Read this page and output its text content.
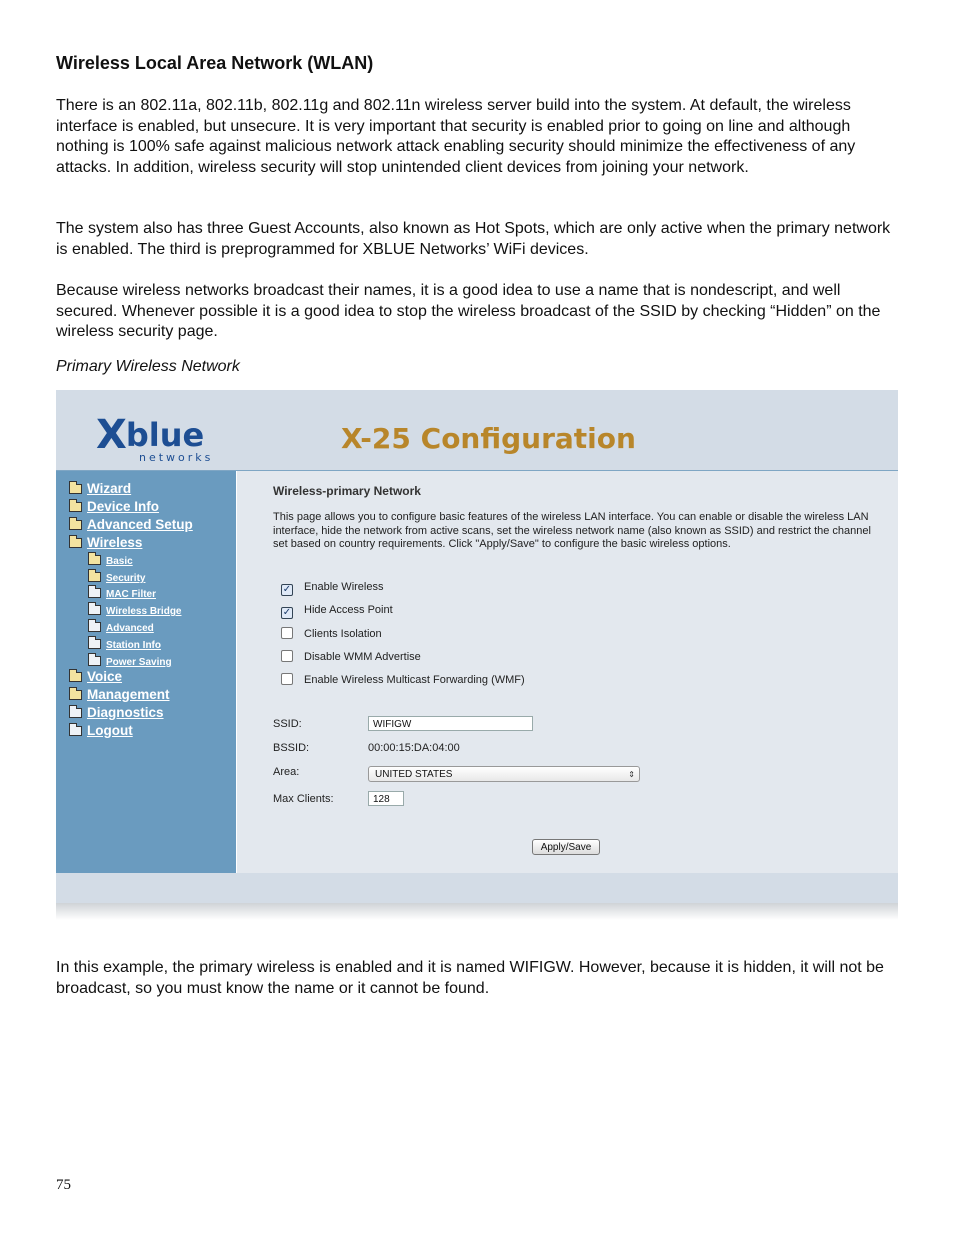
Wireless Local Area Network (WLAN)

There is an 802.11a, 802.11b, 802.11g and 802.11n wireless server build into the system. At default, the wireless interface is enabled, but unsecure. It is very important that security is enabled prior to going on line and although nothing is 100% safe against malicious network attack enabling security should minimize the effectiveness of any attacks. In addition, wireless security will stop unintended client devices from joining your network.

The system also has three Guest Accounts, also known as Hot Spots, which are only active when the primary network is enabled. The third is preprogrammed for XBLUE Networks’ WiFi devices.

Because wireless networks broadcast their names, it is a good idea to use a name that is nondescript, and well secured. Whenever possible it is a good idea to stop the wireless broadcast of the SSID by checking “Hidden” on the wireless security page.

Primary Wireless Network
Xblue
networks
X-25 Configuration
Wizard
Device Info
Advanced Setup
Wireless
Basic
Security
MAC Filter
Wireless Bridge
Advanced
Station Info
Power Saving
Voice
Management
Diagnostics
Logout
Wireless-primary Network

This page allows you to configure basic features of the wireless LAN interface. You can enable or disable the wireless LAN interface, hide the network from active scans, set the wireless network name (also known as SSID) and restrict the channel set based on country requirements. Click "Apply/Save" to configure the basic wireless options.

✓ Enable Wireless
✓ Hide Access Point
Clients Isolation
Disable WMM Advertise
Enable Wireless Multicast Forwarding (WMF)
SSID:	WIFIGW
BSSID:	00:00:15:DA:04:00
Area:	UNITED STATES	⇕
Max Clients:	128
Apply/Save

In this example, the primary wireless is enabled and it is named WIFIGW. However, because it is hidden, it will not be broadcast, so you must know the name or it cannot be found.

75
